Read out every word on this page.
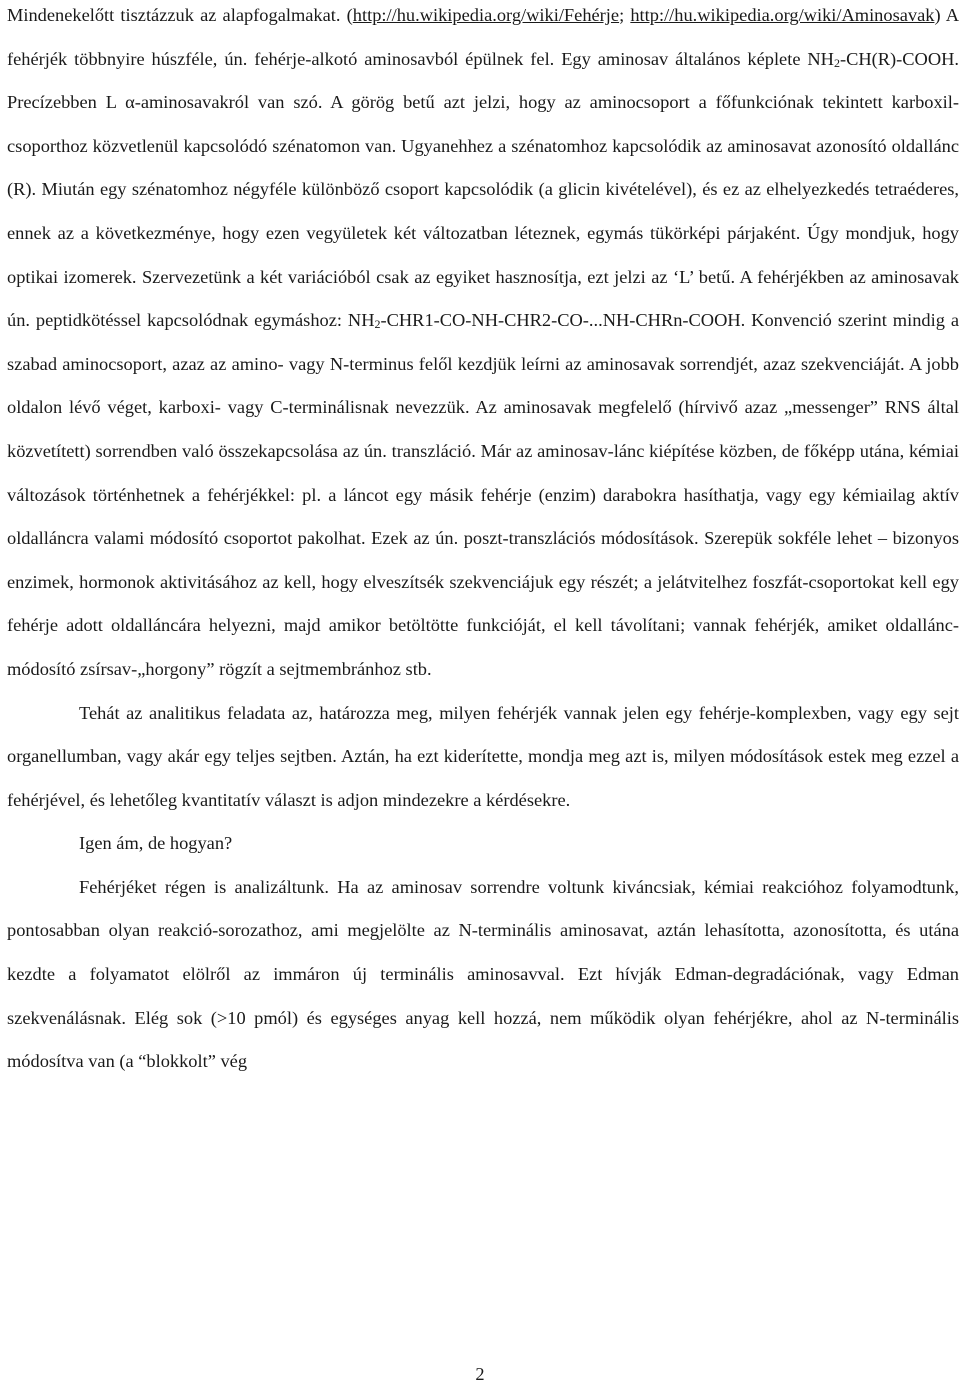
Mindenekelőtt tisztázzuk az alapfogalmakat. (http://hu.wikipedia.org/wiki/Fehérje; http://hu.wikipedia.org/wiki/Aminosavak) A fehérjék többnyire húszféle, ún. fehérje-alkotó aminosavból épülnek fel. Egy aminosav általános képlete $NH_2-CH(R)$-COOH. Precízebben L α-aminosavakról van szó. A görög betű azt jelzi, hogy az aminocsoport a főfunkciónak tekintett karboxil-csoporthoz közvetlenül kapcsolódó szénatomon van. Ugyanehhez a szénatomhoz kapcsolódik az aminosavat azonosító oldallánc (R). Miután egy szénatomhoz négyféle különböző csoport kapcsolódik (a glicin kivételével), és ez az elhelyezkedés tetraéderes, ennek az a következménye, hogy ezen vegyületek két változatban léteznek, egymás tükörképi párjaként. Úgy mondjuk, hogy optikai izomerek. Szervezetünk a két variációból csak az egyiket hasznosítja, ezt jelzi az ‘L’ betű. A fehérjékben az aminosavak ún. peptidkötéssel kapcsolódnak egymáshoz: $NH_2-CHR1-CO-NH-CHR2-CO-...NH-CHRn$-COOH. Konvenció szerint mindig a szabad aminocsoport, azaz az amino- vagy N-terminus felől kezdjük leírni az aminosavak sorrendjét, azaz szekvenciáját. A jobb oldalon lévő véget, karboxi- vagy C-terminálisnak nevezzük. Az aminosavak megfelelő (hírvivő azaz „messenger” RNS által közvetített) sorrendben való összekapcsolása az ún. transzláció. Már az aminosav-lánc kiépítése közben, de főképp utána, kémiai változások történhetnek a fehérjékkel: pl. a láncot egy másik fehérje (enzim) darabokra hasíthatja, vagy egy kémiailag aktív oldalláncra valami módosító csoportot pakolhat. Ezek az ún. poszt-transzlációs módosítások. Szerepük sokféle lehet – bizonyos enzimek, hormonok aktivitásához az kell, hogy elveszítsék szekvenciájuk egy részét; a jelátvitelhez foszfát-csoportokat kell egy fehérje adott oldalláncára helyezni, majd amikor betöltötte funkcióját, el kell távolítani; vannak fehérjék, amiket oldallánc-módosító zsírsav-„horgony” rögzít a sejtmembránhoz stb.

Tehát az analitikus feladata az, határozza meg, milyen fehérjék vannak jelen egy fehérje-komplexben, vagy egy sejt organellumban, vagy akár egy teljes sejtben. Aztán, ha ezt kiderítette, mondja meg azt is, milyen módosítások estek meg ezzel a fehérjével, és lehetőleg kvantitatív választ is adjon mindezekre a kérdésekre.

Igen ám, de hogyan?

Fehérjéket régen is analizáltunk. Ha az aminosav sorrendre voltunk kiváncsiak, kémiai reakcióhoz folyamodtunk, pontosabban olyan reakció-sorozathoz, ami megjelölte az N-terminális aminosavat, aztán lehasította, azonosította, és utána kezdte a folyamatot elölről az immáron új terminális aminosavval. Ezt hívják Edman-degradációnak, vagy Edman szekvenálásnak. Elég sok (>10 pmól) és egységes anyag kell hozzá, nem működik olyan fehérjékre, ahol az N-terminális módosítva van (a “blokkolt” vég

2
